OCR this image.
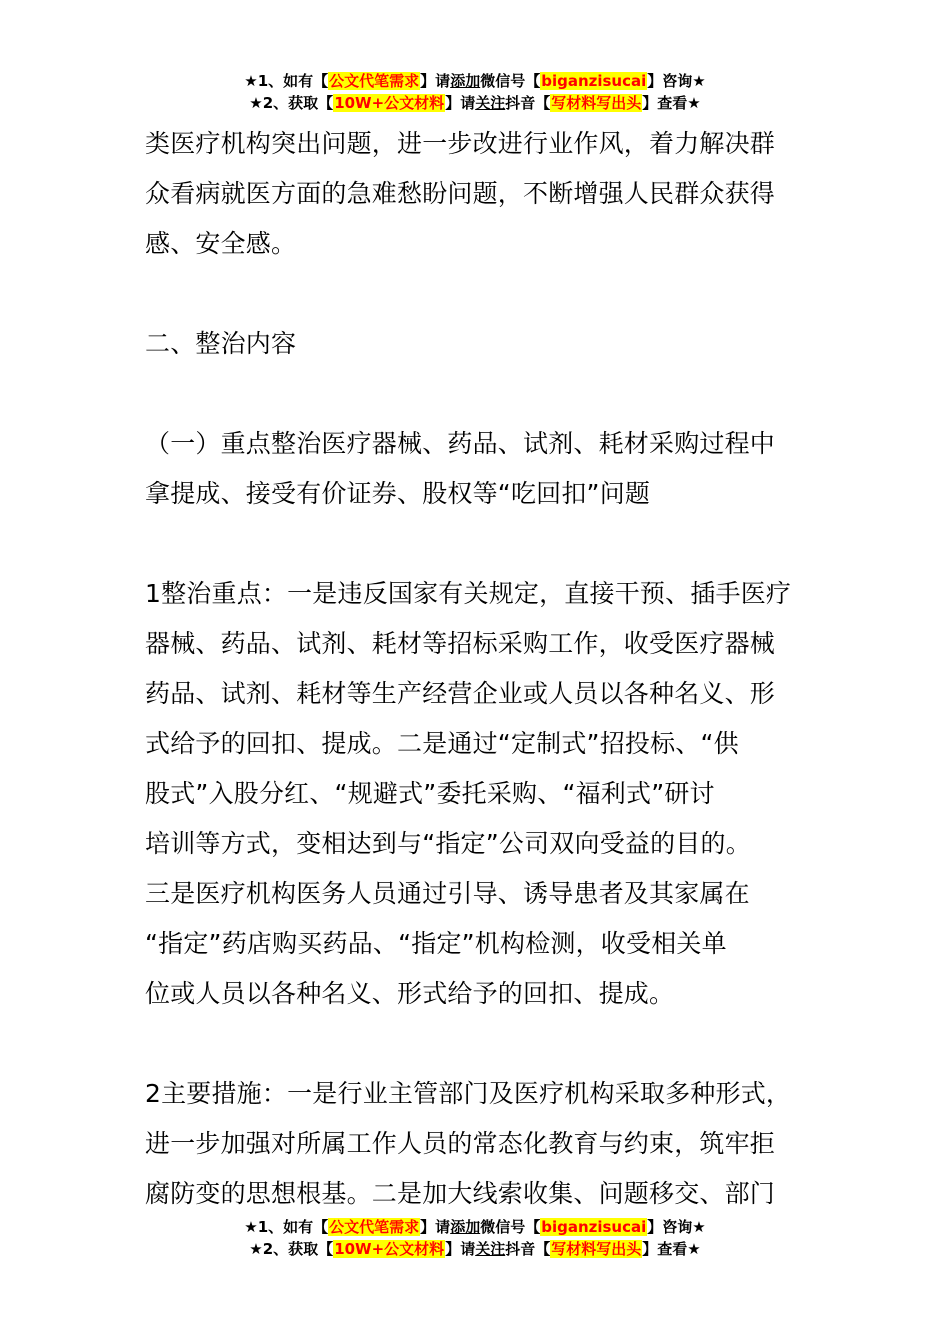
★1、如有【公文代笔需求】请添加微信号【biganzisucai】咨询★
★2、获取【10W+公文材料】请关注抖音【写材料写出头】查看★

类医疗机构突出问题，进一步改进行业作风，着力解决群
众看病就医方面的急难愁盼问题，不断增强人民群众获得
感、安全感。

二、整治内容

（一）重点整治医疗器械、药品、试剂、耗材采购过程中
拿提成、接受有价证券、股权等“吃回扣”问题

1整治重点：一是违反国家有关规定，直接干预、插手医疗
器械、药品、试剂、耗材等招标采购工作，收受医疗器械
药品、试剂、耗材等生产经营企业或人员以各种名义、形
式给予的回扣、提成。二是通过“定制式”招投标、“供
股式”入股分红、“规避式”委托采购、“福利式”研讨
培训等方式，变相达到与“指定”公司双向受益的目的。
三是医疗机构医务人员通过引导、诱导患者及其家属在
“指定”药店购买药品、“指定”机构检测，收受相关单
位或人员以各种名义、形式给予的回扣、提成。

2主要措施：一是行业主管部门及医疗机构采取多种形式，
进一步加强对所属工作人员的常态化教育与约束，筑牢拒
腐防变的思想根基。二是加大线索收集、问题移交、部门

★1、如有【公文代笔需求】请添加微信号【biganzisucai】咨询★
★2、获取【10W+公文材料】请关注抖音【写材料写出头】查看★
